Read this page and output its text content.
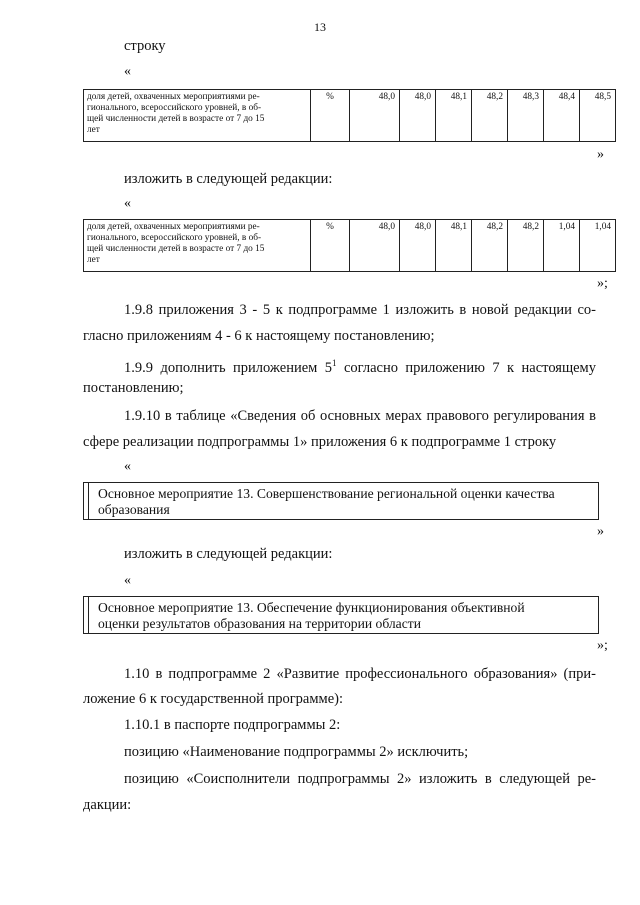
13
строку
«
доля детей, охваченных мероприятиями ре-
гионального, всероссийского уровней, в об-
щей численности детей в возрасте от 7 до 15
лет
	%	48,0	48,0	48,1	48,2	48,3	48,4	48,5
»
изложить в следующей редакции:
«
доля детей, охваченных мероприятиями ре-
гионального, всероссийского уровней, в об-
щей численности детей в возрасте от 7 до 15
лет
	%	48,0	48,0	48,1	48,2	48,2	1,04	1,04
»;
1.9.8 приложения 3 - 5 к подпрограмме 1 изложить в новой редакции со-
гласно приложениям 4 - 6 к настоящему постановлению;
1.9.9 дополнить приложением $5^1$ согласно приложению 7 к настоящему
постановлению;
1.9.10 в таблице «Сведения об основных мерах правового регулирования в
сфере реализации подпрограммы 1» приложения 6 к подпрограмме 1 строку
«
Основное мероприятие 13. Совершенствование региональной оценки качества
образования
»
изложить в следующей редакции:
«
Основное мероприятие 13. Обеспечение функционирования объективной
оценки результатов образования на территории области
»;
1.10 в подпрограмме 2 «Развитие профессионального образования» (при-
ложение 6 к государственной программе):
1.10.1 в паспорте подпрограммы 2:
позицию «Наименование подпрограммы 2» исключить;
позицию «Соисполнители подпрограммы 2» изложить в следующей ре-
дакции:
